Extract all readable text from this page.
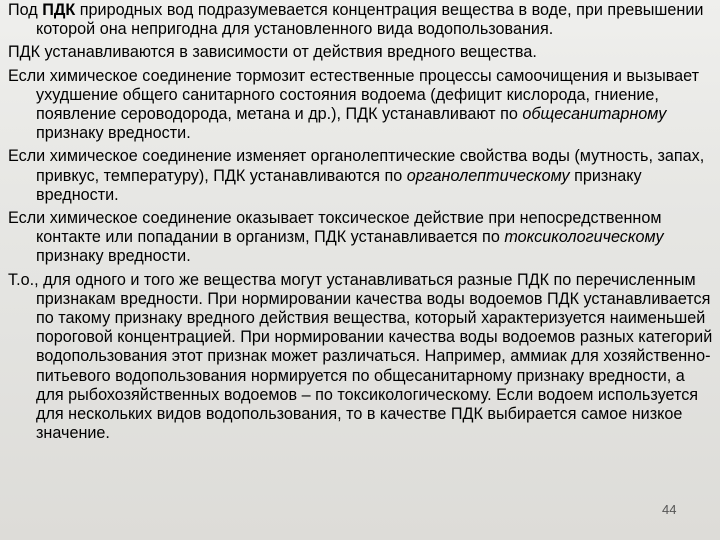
Под ПДК природных вод подразумевается концентрация вещества в воде, при превышении которой она непригодна для установленного вида водопользования.

ПДК устанавливаются в зависимости от действия вредного вещества.

Если химическое соединение тормозит естественные процессы самоочищения и вызывает ухудшение общего санитарного состояния водоема (дефицит кислорода, гниение, появление сероводорода, метана и др.), ПДК устанавливают по общесанитарному признаку вредности.

Если химическое соединение изменяет органолептические свойства воды (мутность, запах, привкус, температуру), ПДК устанавливаются по органолептическому признаку вредности.

Если химическое соединение оказывает токсическое действие при непосредственном контакте или попадании в организм, ПДК устанавливается по токсикологическому признаку вредности.

Т.о., для одного и того же вещества могут устанавливаться разные ПДК по перечисленным признакам вредности. При нормировании качества воды водоемов ПДК устанавливается по такому признаку вредного действия вещества, который характеризуется наименьшей пороговой концентрацией. При нормировании качества воды водоемов разных категорий водопользования этот признак может различаться. Например, аммиак для хозяйственно-питьевого водопользования нормируется по общесанитарному признаку вредности, а для рыбохозяйственных водоемов – по токсикологическому. Если водоем используется для нескольких видов водопользования, то в качестве ПДК выбирается самое низкое значение.

44
